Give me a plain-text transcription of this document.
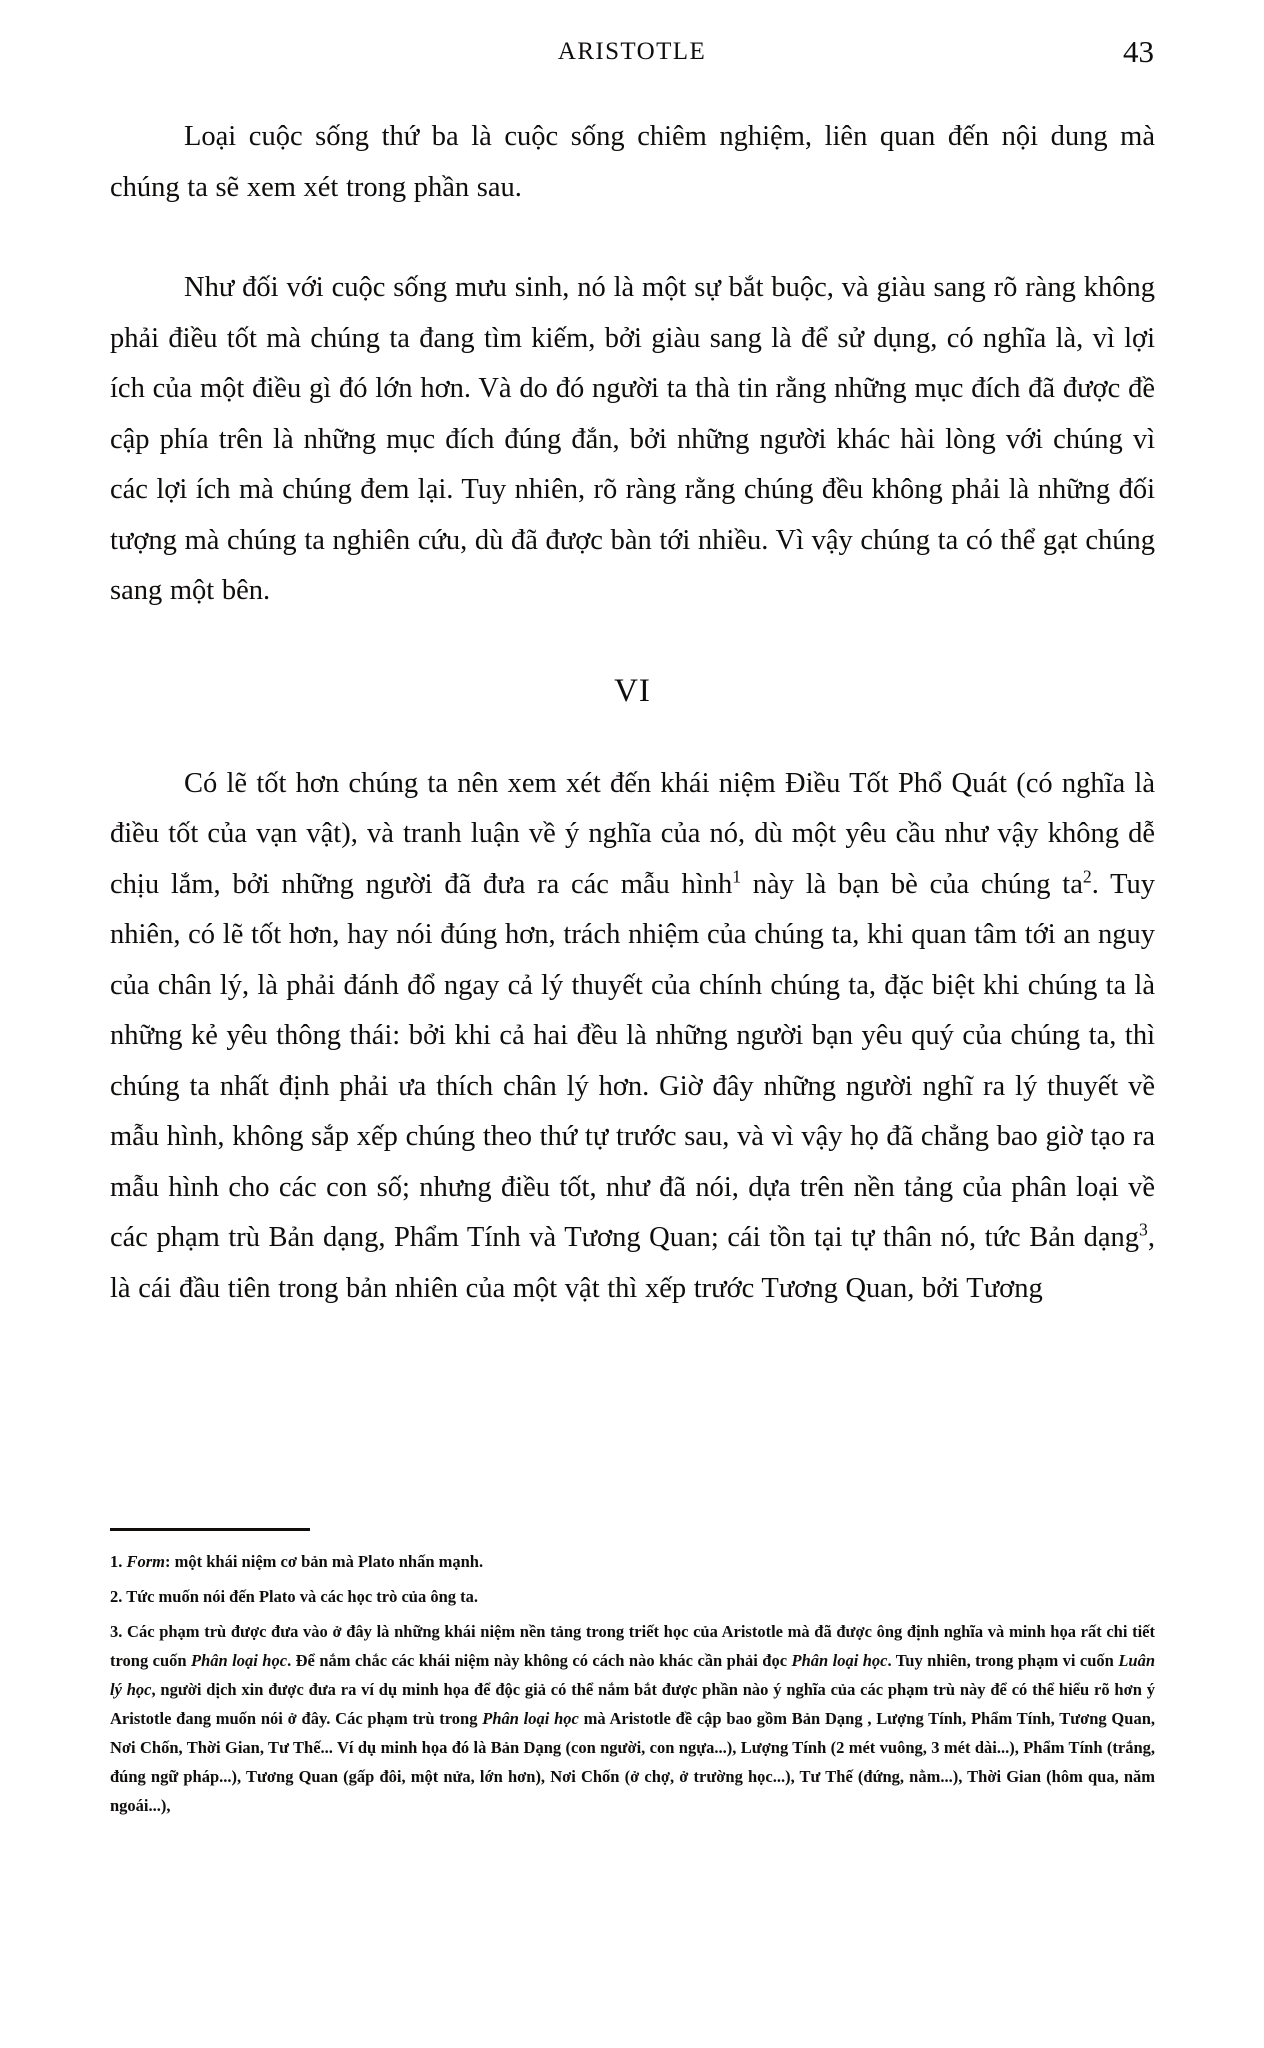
ARISTOTLE	43

Loại cuộc sống thứ ba là cuộc sống chiêm nghiệm, liên quan đến nội dung mà chúng ta sẽ xem xét trong phần sau.

Như đối với cuộc sống mưu sinh, nó là một sự bắt buộc, và giàu sang rõ ràng không phải điều tốt mà chúng ta đang tìm kiếm, bởi giàu sang là để sử dụng, có nghĩa là, vì lợi ích của một điều gì đó lớn hơn. Và do đó người ta thà tin rằng những mục đích đã được đề cập phía trên là những mục đích đúng đắn, bởi những người khác hài lòng với chúng vì các lợi ích mà chúng đem lại. Tuy nhiên, rõ ràng rằng chúng đều không phải là những đối tượng mà chúng ta nghiên cứu, dù đã được bàn tới nhiều. Vì vậy chúng ta có thể gạt chúng sang một bên.

VI

Có lẽ tốt hơn chúng ta nên xem xét đến khái niệm Điều Tốt Phổ Quát (có nghĩa là điều tốt của vạn vật), và tranh luận về ý nghĩa của nó, dù một yêu cầu như vậy không dễ chịu lắm, bởi những người đã đưa ra các mẫu hình$^1$ này là bạn bè của chúng $ta^2$. Tuy nhiên, có lẽ tốt hơn, hay nói đúng hơn, trách nhiệm của chúng ta, khi quan tâm tới an nguy của chân lý, là phải đánh đổ ngay cả lý thuyết của chính chúng ta, đặc biệt khi chúng ta là những kẻ yêu thông thái: bởi khi cả hai đều là những người bạn yêu quý của chúng ta, thì chúng ta nhất định phải ưa thích chân lý hơn. Giờ đây những người nghĩ ra lý thuyết về mẫu hình, không sắp xếp chúng theo thứ tự trước sau, và vì vậy họ đã chẳng bao giờ tạo ra mẫu hình cho các con số; nhưng điều tốt, như đã nói, dựa trên nền tảng của phân loại về các phạm trù Bản dạng, Phẩm Tính và Tương Quan; cái tồn tại tự thân nó, tức Bản dạng$^3$, là cái đầu tiên trong bản nhiên của một vật thì xếp trước Tương Quan, bởi Tương

1. Form: một khái niệm cơ bản mà Plato nhấn mạnh.

2. Tức muốn nói đến Plato và các học trò của ông ta.

3. Các phạm trù được đưa vào ở đây là những khái niệm nền tảng trong triết học của Aristotle mà đã được ông định nghĩa và minh họa rất chi tiết trong cuốn Phân loại học. Để nắm chắc các khái niệm này không có cách nào khác cần phải đọc Phân loại học. Tuy nhiên, trong phạm vi cuốn Luân lý học, người dịch xin được đưa ra ví dụ minh họa để độc giả có thể nắm bắt được phần nào ý nghĩa của các phạm trù này để có thể hiểu rõ hơn ý Aristotle đang muốn nói ở đây. Các phạm trù trong Phân loại học mà Aristotle đề cập bao gồm Bản Dạng , Lượng Tính, Phẩm Tính, Tương Quan, Nơi Chốn, Thời Gian, Tư Thế... Ví dụ minh họa đó là Bản Dạng (con người, con ngựa...), Lượng Tính (2 mét vuông, 3 mét dài...), Phẩm Tính (trắng, đúng ngữ pháp...), Tương Quan (gấp đôi, một nửa, lớn hơn), Nơi Chốn (ở chợ, ở trường học...), Tư Thế (đứng, nằm...), Thời Gian (hôm qua, năm ngoái...),
